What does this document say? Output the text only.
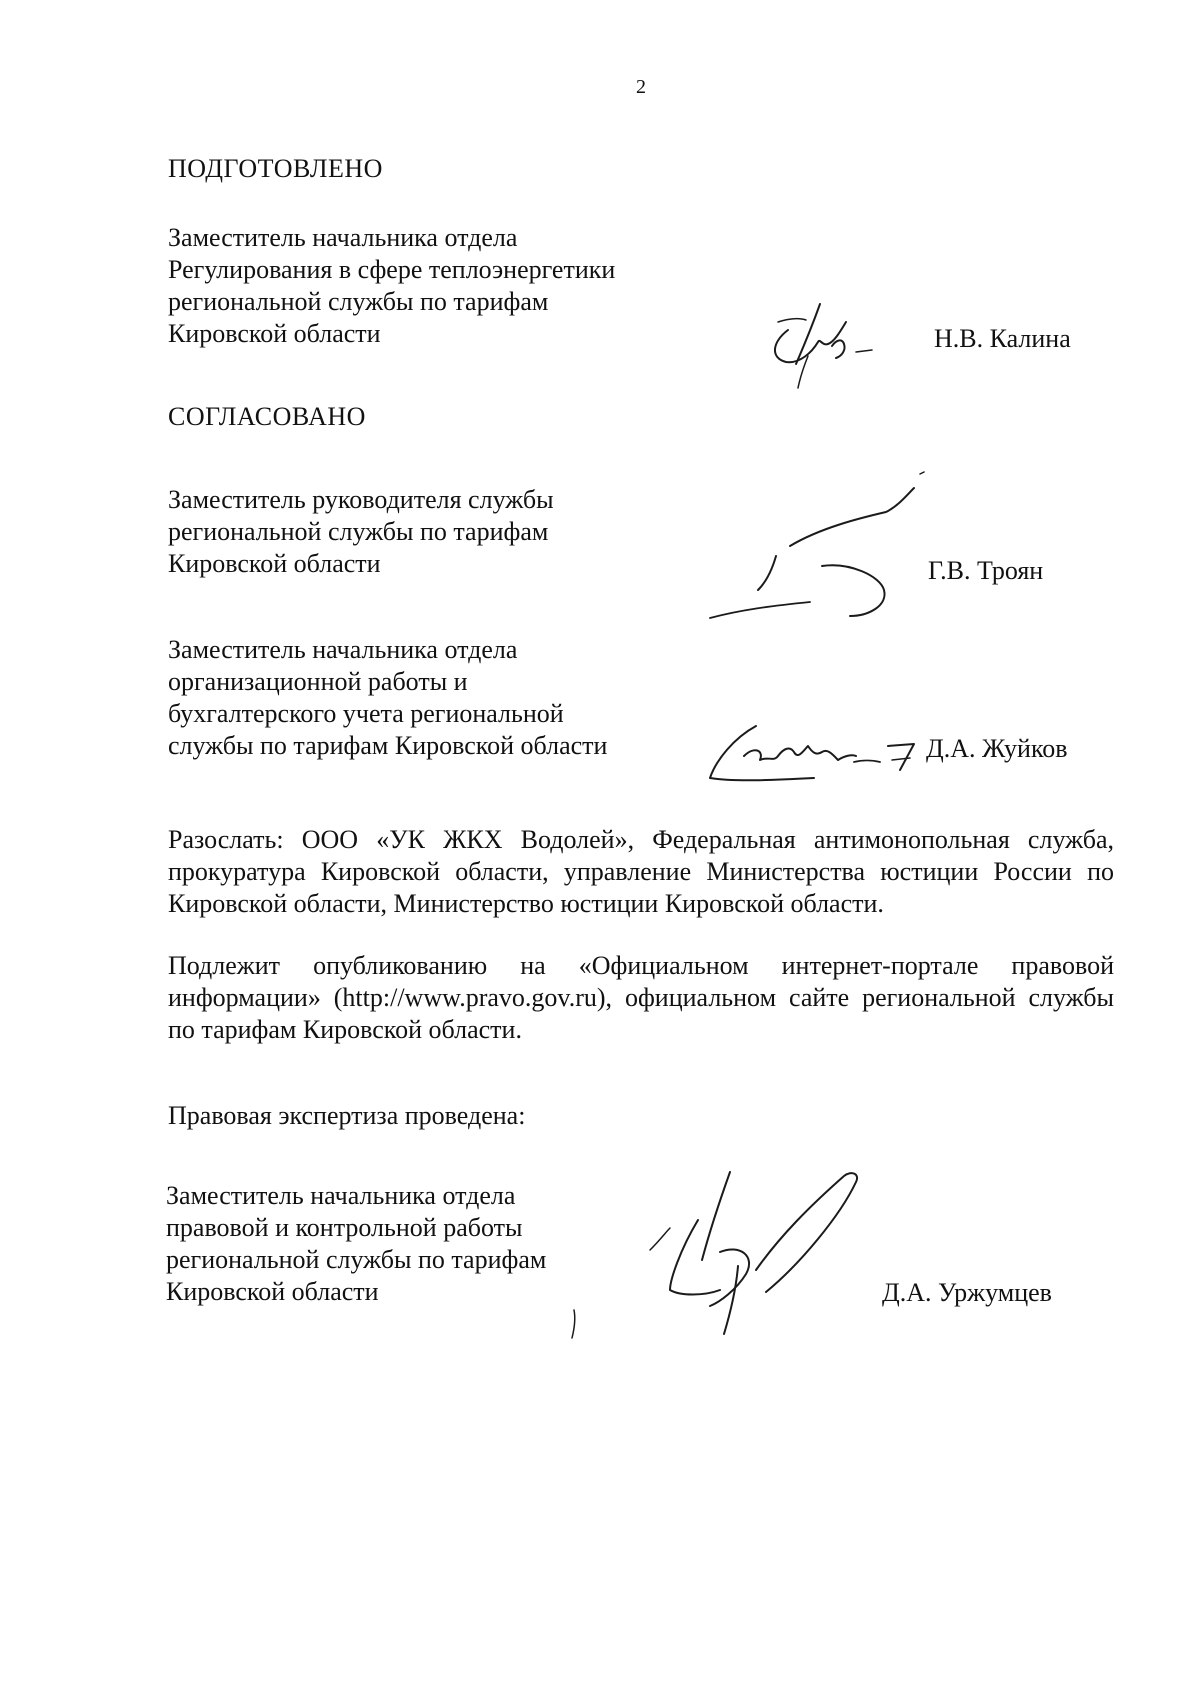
2
ПОДГОТОВЛЕНО
Заместитель начальника отдела
Регулирования в сфере теплоэнергетики
региональной службы по тарифам
Кировской области	Н.В. Калина
СОГЛАСОВАНО
Заместитель руководителя службы
региональной службы по тарифам
Кировской области	Г.В. Троян
Заместитель начальника отдела
организационной работы и
бухгалтерского учета региональной
службы по тарифам Кировской области	Д.А. Жуйков
Разослать: ООО «УК ЖКХ Водолей», Федеральная антимонопольная служба, прокуратура Кировской области, управление Министерства юстиции России по Кировской области, Министерство юстиции Кировской области.
Подлежит опубликованию на «Официальном интернет-портале правовой информации» (http://www.pravo.gov.ru), официальном сайте региональной службы по тарифам Кировской области.
Правовая экспертиза проведена:
Заместитель начальника отдела
правовой и контрольной работы
региональной службы по тарифам
Кировской области	Д.А. Уржумцев
